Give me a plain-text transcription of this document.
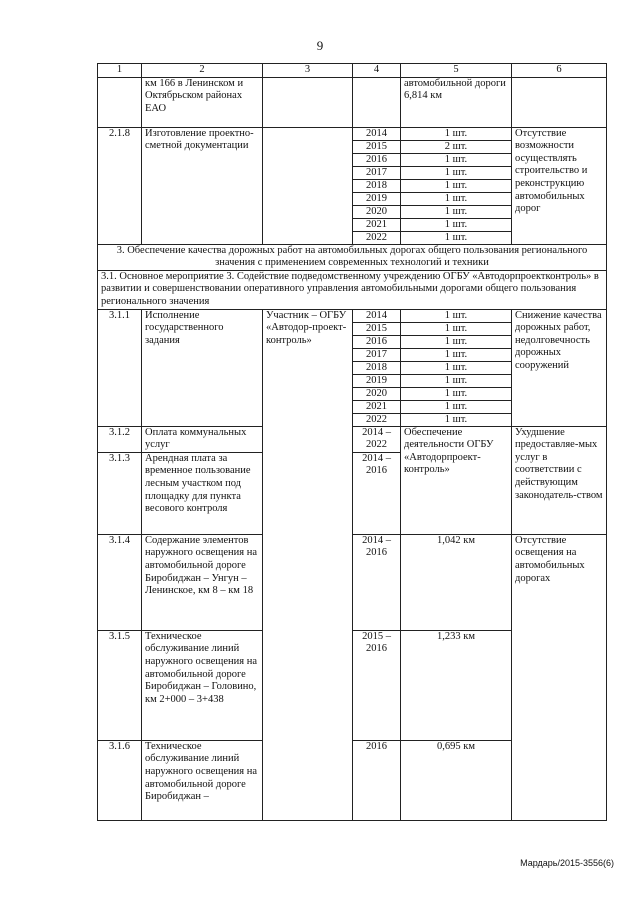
9
1	2	3	4	5	6
	км 166 в Ленинском и Октябрьском районах ЕАО			автомобильной дороги 6,814 км	
2.1.8	Изготовление проектно-сметной документации		2014	1 шт.	Отсутствие возможности осуществлять строительство и реконструкцию автомобильных дорог
			2015	2 шт.	
			2016	1 шт.	
			2017	1 шт.	
			2018	1 шт.	
			2019	1 шт.	
			2020	1 шт.	
			2021	1 шт.	
			2022	1 шт.	
3. Обеспечение качества дорожных работ на автомобильных дорогах общего пользования регионального значения с применением современных технологий и техники					
3.1. Основное мероприятие 3. Содействие подведомственному учреждению ОГБУ «Автодорпроектконтроль» в развитии и совершенствовании оперативного управления автомобильными дорогами общего пользования регионального значения					
3.1.1	Исполнение государственного задания	Участник – ОГБУ «Автодор-проект-контроль»	2014	1 шт.	Снижение качества дорожных работ, недолговечность дорожных сооружений
			2015	1 шт.	
			2016	1 шт.	
			2017	1 шт.	
			2018	1 шт.	
			2019	1 шт.	
			2020	1 шт.	
			2021	1 шт.	
			2022	1 шт.	
3.1.2	Оплата коммунальных услуг		2014 – 2022	Обеспечение деятельности ОГБУ «Автодорпроект-контроль»	Ухудшение предоставляе-мых услуг в соответствии с действующим законодатель-ством
3.1.3	Арендная плата за временное пользование лесным участком под площадку для пункта весового контроля		2014 – 2016		
3.1.4	Содержание элементов наружного освещения на автомобильной дороге Биробиджан – Унгун – Ленинское, км 8 – км 18		2014 – 2016	1,042 км	Отсутствие освещения на автомобильных дорогах
3.1.5	Техническое обслуживание линий наружного освещения на автомобильной дороге Биробиджан – Головино, км 2+000 – 3+438		2015 – 2016	1,233 км	
3.1.6	Техническое обслуживание линий наружного освещения на автомобильной дороге Биробиджан –		2016	0,695 км	
Мардарь/2015-3556(6)
